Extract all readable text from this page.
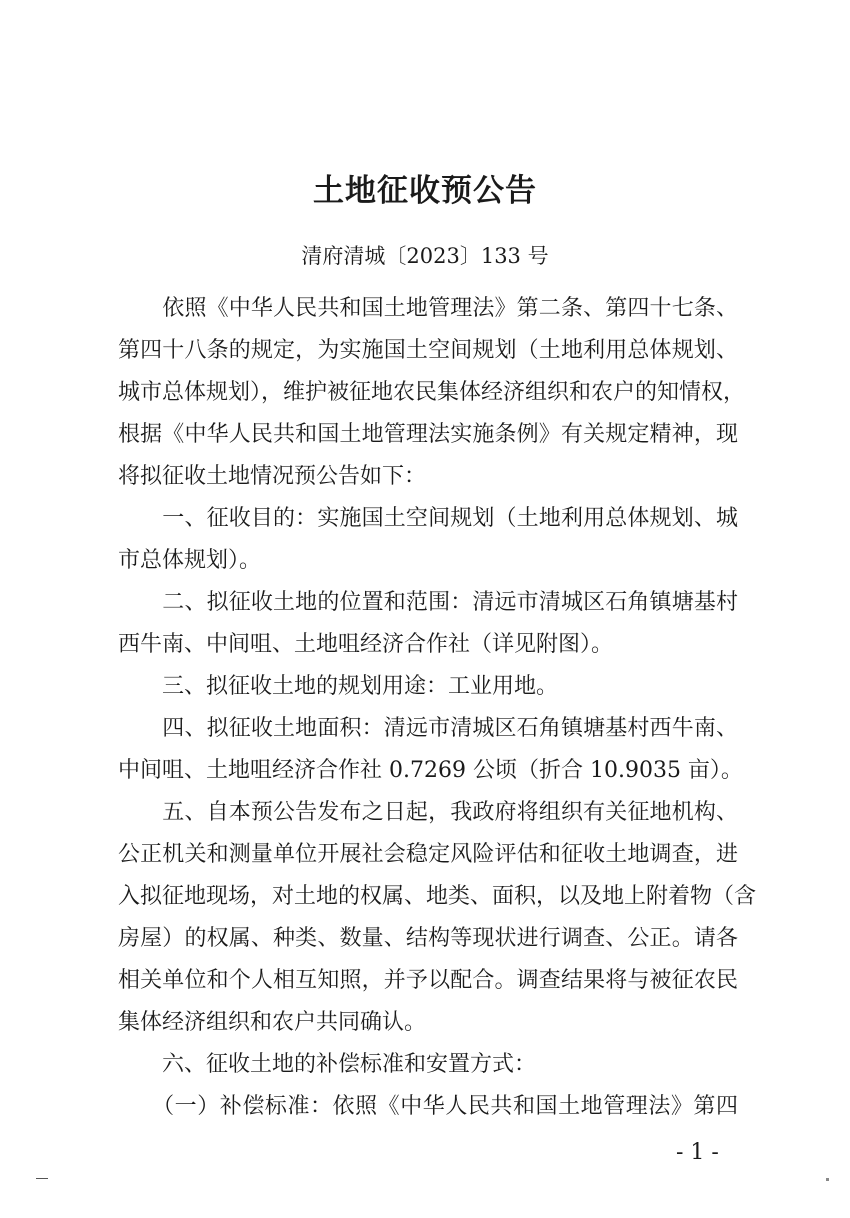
土地征收预公告
清府清城〔2023〕133 号
　　依照《中华人民共和国土地管理法》第二条、第四十七条、
第四十八条的规定，为实施国土空间规划（土地利用总体规划、
城市总体规划），维护被征地农民集体经济组织和农户的知情权，
根据《中华人民共和国土地管理法实施条例》有关规定精神，现
将拟征收土地情况预公告如下：
　　一、征收目的：实施国土空间规划（土地利用总体规划、城
市总体规划）。
　　二、拟征收土地的位置和范围：清远市清城区石角镇塘基村
西牛南、中间咀、土地咀经济合作社（详见附图）。
　　三、拟征收土地的规划用途：工业用地。
　　四、拟征收土地面积：清远市清城区石角镇塘基村西牛南、
中间咀、土地咀经济合作社 0.7269 公顷（折合 10.9035 亩）。
　　五、自本预公告发布之日起，我政府将组织有关征地机构、
公正机关和测量单位开展社会稳定风险评估和征收土地调查，进
入拟征地现场，对土地的权属、地类、面积，以及地上附着物（含
房屋）的权属、种类、数量、结构等现状进行调查、公正。请各
相关单位和个人相互知照，并予以配合。调查结果将与被征农民
集体经济组织和农户共同确认。
　　六、征收土地的补偿标准和安置方式：
- 1 -
　　（一）补偿标准：依照《中华人民共和国土地管理法》第四
